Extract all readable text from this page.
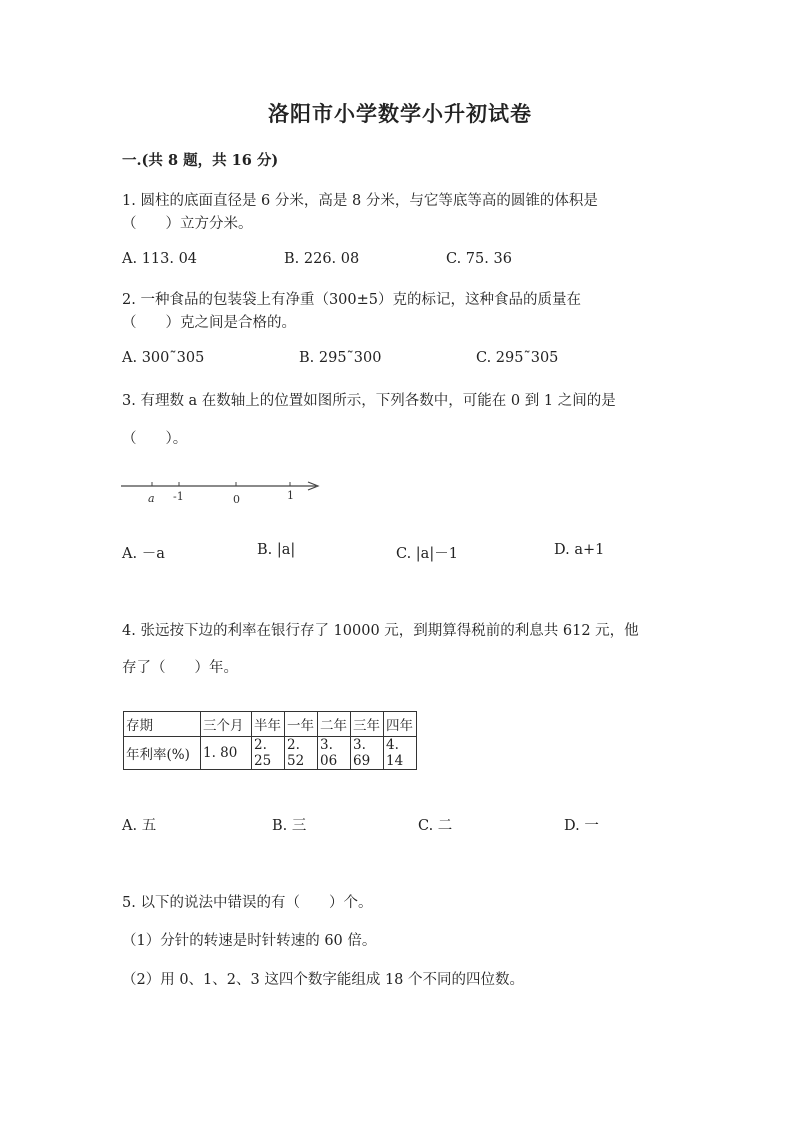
洛阳市小学数学小升初试卷
一.(共 8 题，共 16 分)
1. 圆柱的底面直径是 6 分米，高是 8 分米，与它等底等高的圆锥的体积是
（　　）立方分米。
A. 113. 04	B. 226. 08	C. 75. 36
2. 一种食品的包装袋上有净重（300±5）克的标记，这种食品的质量在
（　　）克之间是合格的。
A. 300˜305	B. 295˜300	C. 295˜305
3. 有理数 a 在数轴上的位置如图所示，下列各数中，可能在 0 到 1 之间的是
（　　）。
a -1	0	1
A. －a	B. |a|	C. |a|－1	D. a+1
4. 张远按下边的利率在银行存了 10000 元，到期算得税前的利息共 612 元，他
存了（　　）年。
存期	三个月	半年	一年	二年	三年	四年
年利率(%)	1. 80	2. 25	2. 52	3. 06	3. 69	4. 14
A. 五	B. 三	C. 二	D. 一
5. 以下的说法中错误的有（　　）个。
（1）分针的转速是时针转速的 60 倍。
（2）用 0、1、2、3 这四个数字能组成 18 个不同的四位数。
